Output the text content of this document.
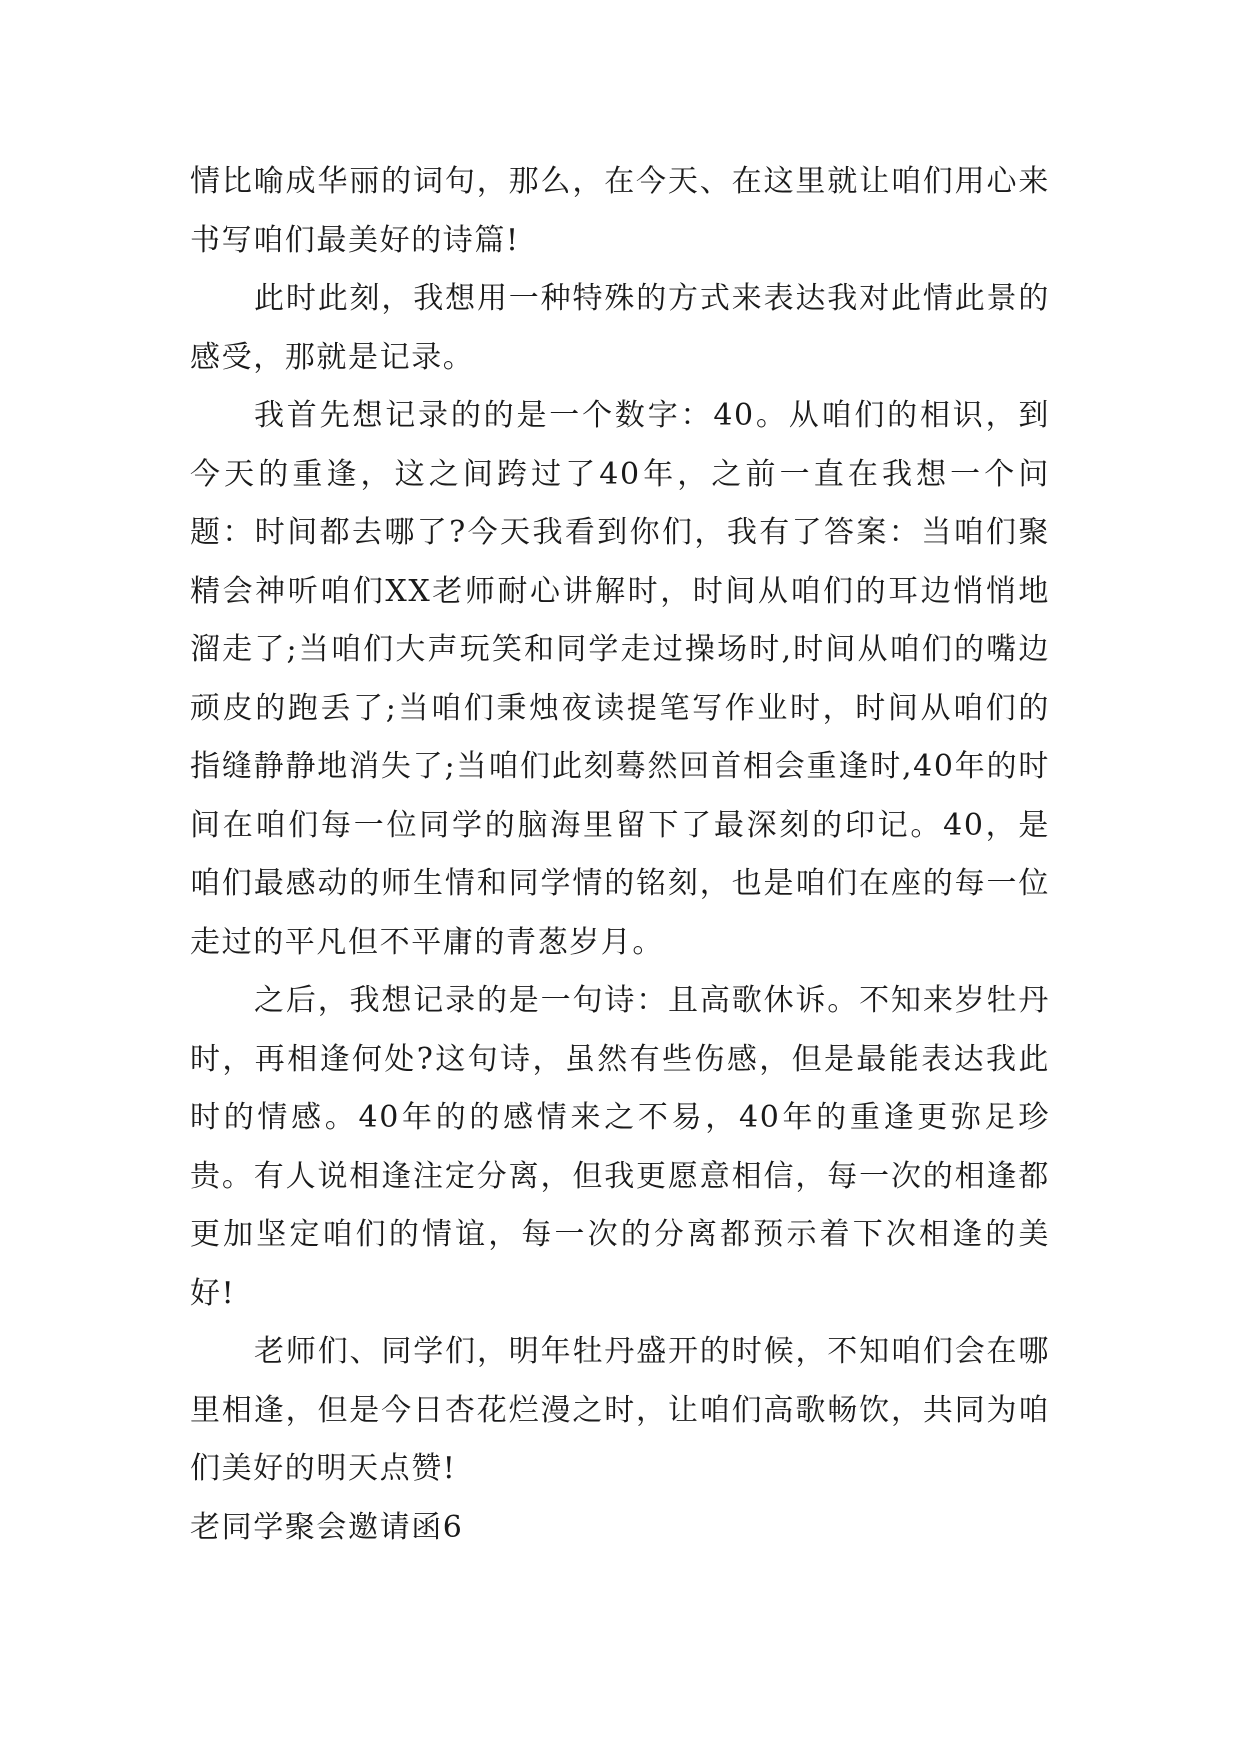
情比喻成华丽的词句，那么，在今天、在这里就让咱们用心来书写咱们最美好的诗篇!

此时此刻，我想用一种特殊的方式来表达我对此情此景的感受，那就是记录。

我首先想记录的的是一个数字：40。从咱们的相识，到今天的重逢，这之间跨过了40年，之前一直在我想一个问题：时间都去哪了?今天我看到你们，我有了答案：当咱们聚精会神听咱们XX老师耐心讲解时，时间从咱们的耳边悄悄地溜走了;当咱们大声玩笑和同学走过操场时,时间从咱们的嘴边顽皮的跑丢了;当咱们秉烛夜读提笔写作业时，时间从咱们的指缝静静地消失了;当咱们此刻蓦然回首相会重逢时,40年的时间在咱们每一位同学的脑海里留下了最深刻的印记。40，是咱们最感动的师生情和同学情的铭刻，也是咱们在座的每一位走过的平凡但不平庸的青葱岁月。

之后，我想记录的是一句诗：且高歌休诉。不知来岁牡丹时，再相逢何处?这句诗，虽然有些伤感，但是最能表达我此时的情感。40年的的感情来之不易，40年的重逢更弥足珍贵。有人说相逢注定分离，但我更愿意相信，每一次的相逢都更加坚定咱们的情谊，每一次的分离都预示着下次相逢的美好!

老师们、同学们，明年牡丹盛开的时候，不知咱们会在哪里相逢，但是今日杏花烂漫之时，让咱们高歌畅饮，共同为咱们美好的明天点赞!

老同学聚会邀请函6
